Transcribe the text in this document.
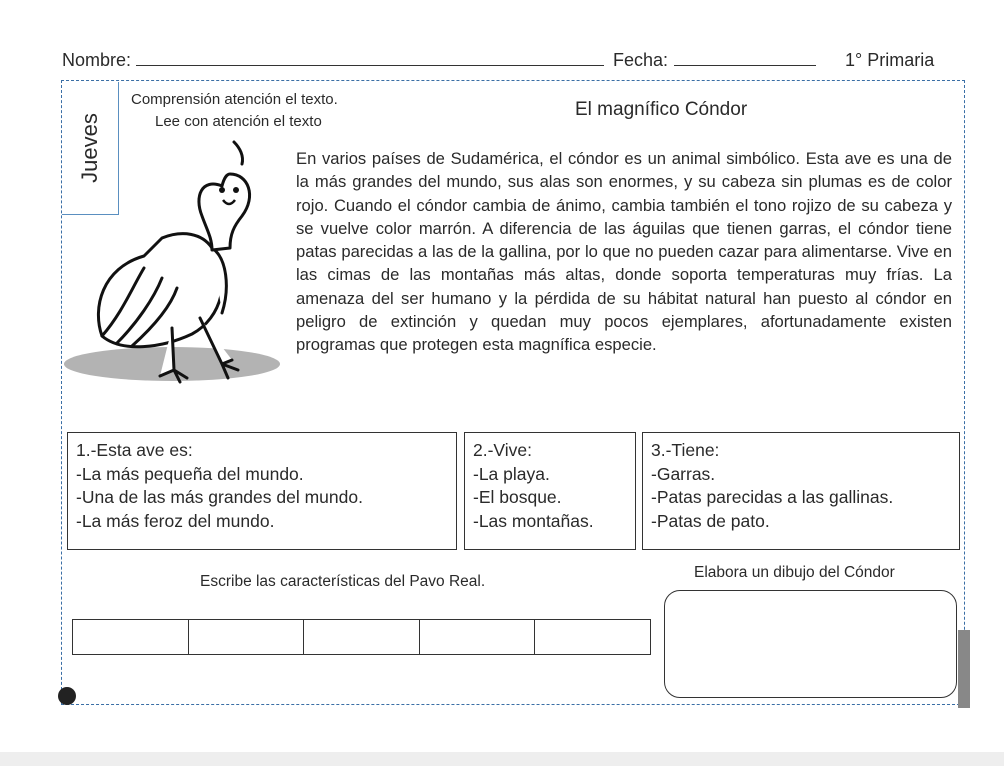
Nombre:	Fecha:	1° Primaria
Jueves
Comprensión atención el texto.
Lee con atención el texto
El magnífico Cóndor

En varios países de Sudamérica, el cóndor es un animal simbólico. Esta ave es una de la más grandes del mundo, sus alas son enormes, y su cabeza sin plumas es de color rojo. Cuando el cóndor cambia de ánimo, cambia también el tono rojizo de su cabeza y se vuelve color marrón. A diferencia de las águilas que tienen garras, el cóndor tiene patas parecidas a las de la gallina, por lo que no pueden cazar para alimentarse. Vive en las cimas de las montañas más altas, donde soporta temperaturas muy frías. La amenaza del ser humano y la pérdida de su hábitat natural han puesto al cóndor en peligro de extinción y quedan muy pocos ejemplares, afortunadamente existen programas que protegen esta magnífica especie.

1.-Esta ave es:
-La más pequeña del mundo.
-Una de las más grandes del mundo.
-La más feroz del mundo.
2.-Vive:
-La playa.
-El bosque.
-Las montañas.
3.-Tiene:
-Garras.
-Patas parecidas a las gallinas.
-Patas de pato.
Escribe las características del Pavo Real.
Elabora un dibujo del Cóndor
